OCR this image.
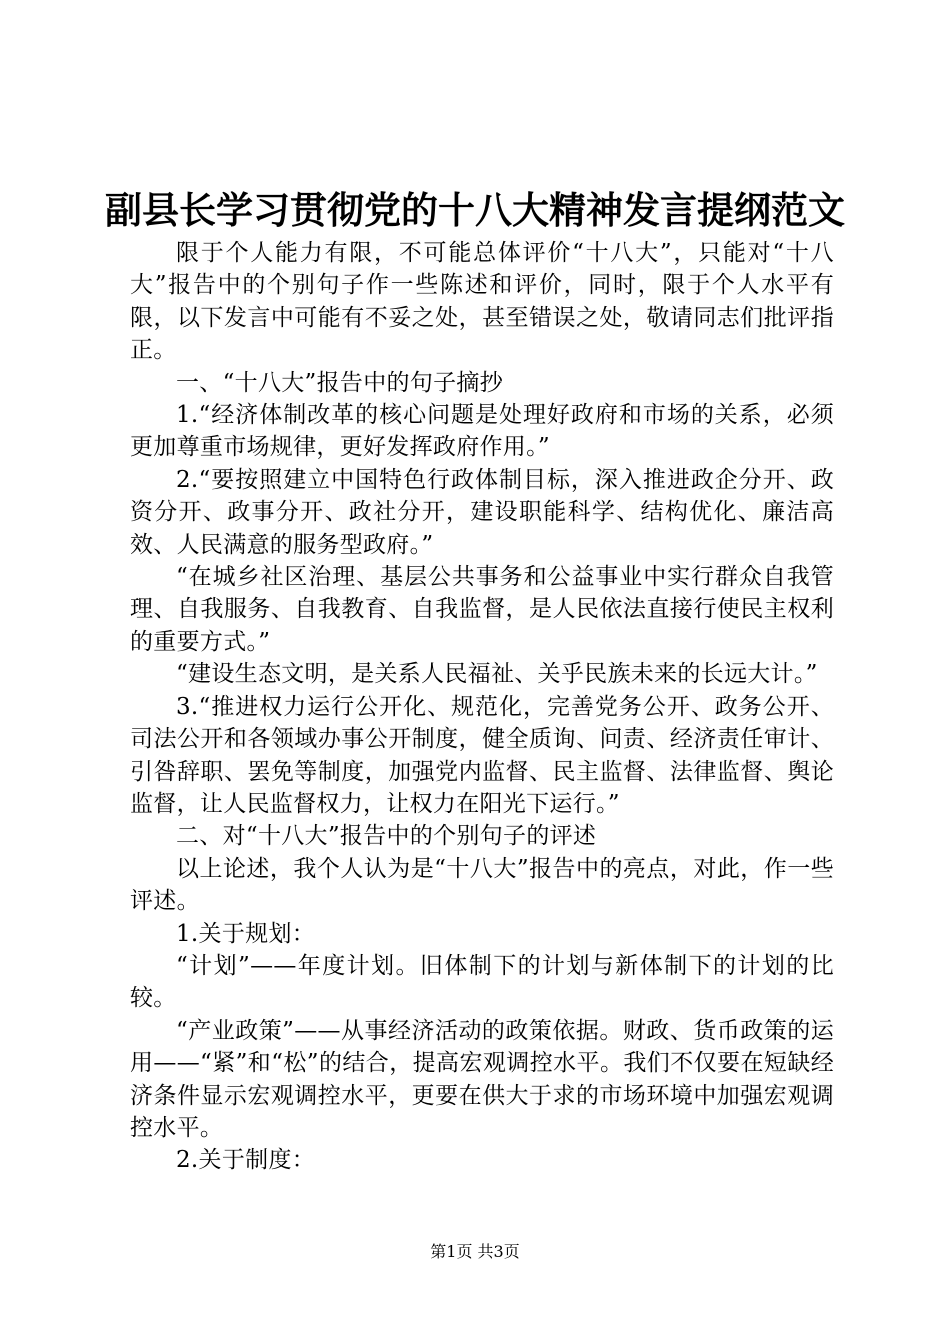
副县长学习贯彻党的十八大精神发言提纲范文

限于个人能力有限，不可能总体评价“十八大”，只能对“十八大”报告中的个别句子作一些陈述和评价，同时，限于个人水平有限，以下发言中可能有不妥之处，甚至错误之处，敬请同志们批评指正。

一、“十八大”报告中的句子摘抄

1.“经济体制改革的核心问题是处理好政府和市场的关系，必须更加尊重市场规律，更好发挥政府作用。”

2.“要按照建立中国特色行政体制目标，深入推进政企分开、政资分开、政事分开、政社分开，建设职能科学、结构优化、廉洁高效、人民满意的服务型政府。”

“在城乡社区治理、基层公共事务和公益事业中实行群众自我管理、自我服务、自我教育、自我监督，是人民依法直接行使民主权利的重要方式。”

“建设生态文明，是关系人民福祉、关乎民族未来的长远大计。”

3.“推进权力运行公开化、规范化，完善党务公开、政务公开、司法公开和各领域办事公开制度，健全质询、问责、经济责任审计、引咎辞职、罢免等制度，加强党内监督、民主监督、法律监督、舆论监督，让人民监督权力，让权力在阳光下运行。”

二、对“十八大”报告中的个别句子的评述

以上论述，我个人认为是“十八大”报告中的亮点，对此，作一些评述。

1.关于规划：

“计划”——年度计划。旧体制下的计划与新体制下的计划的比较。

“产业政策”——从事经济活动的政策依据。财政、货币政策的运用——“紧”和“松”的结合，提高宏观调控水平。我们不仅要在短缺经济条件显示宏观调控水平，更要在供大于求的市场环境中加强宏观调控水平。

2.关于制度：

第1页 共3页
